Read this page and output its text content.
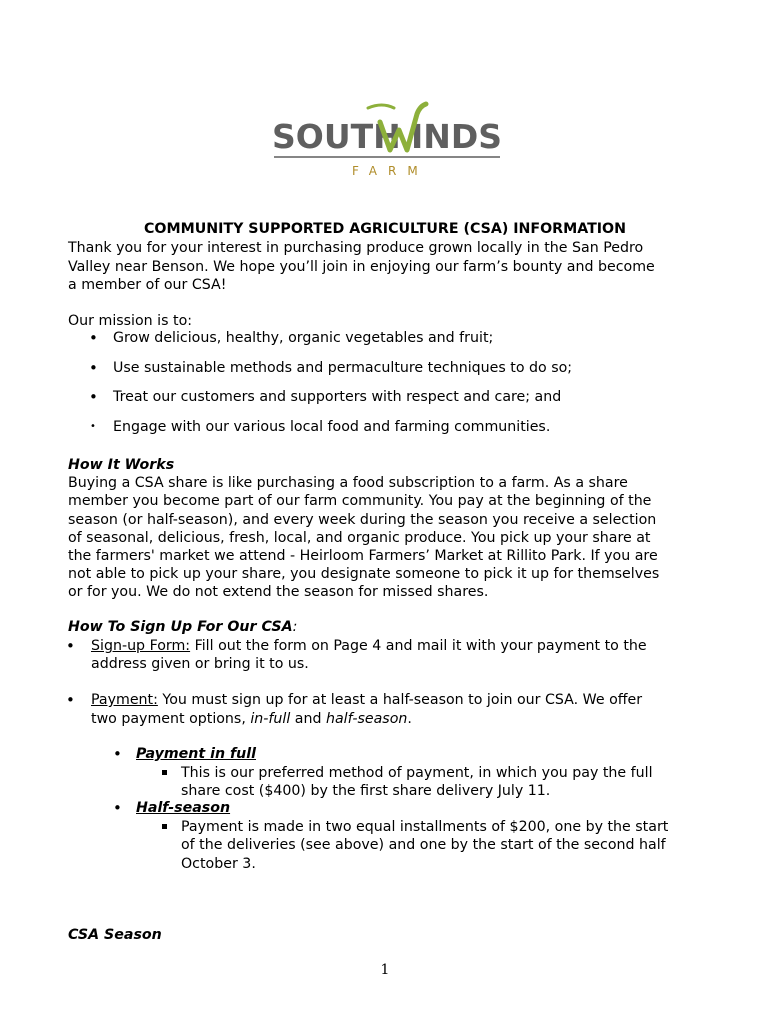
SOUTH INDS
FARM
COMMUNITY SUPPORTED AGRICULTURE (CSA) INFORMATION
Thank you for your interest in purchasing produce grown locally in the San Pedro
Valley near Benson. We hope you’ll join in enjoying our farm’s bounty and become
a member of our CSA!
Our mission is to:
• Grow delicious, healthy, organic vegetables and fruit;
• Use sustainable methods and permaculture techniques to do so;
• Treat our customers and supporters with respect and care; and
• Engage with our various local food and farming communities.
How It Works
Buying a CSA share is like purchasing a food subscription to a farm. As a share
member you become part of our farm community. You pay at the beginning of the
season (or half-season), and every week during the season you receive a selection
of seasonal, delicious, fresh, local, and organic produce. You pick up your share at
the farmers' market we attend - Heirloom Farmers’ Market at Rillito Park. If you are
not able to pick up your share, you designate someone to pick it up for themselves
or for you. We do not extend the season for missed shares.
How To Sign Up For Our CSA:
• Sign-up Form: Fill out the form on Page 4 and mail it with your payment to the
address given or bring it to us.
• Payment: You must sign up for at least a half-season to join our CSA. We offer
two payment options, in-full and half-season.
• Payment in full
This is our preferred method of payment, in which you pay the full
share cost ($400) by the first share delivery July 11.
• Half-season
Payment is made in two equal installments of $200, one by the start
of the deliveries (see above) and one by the start of the second half
October 3.
CSA Season
1
